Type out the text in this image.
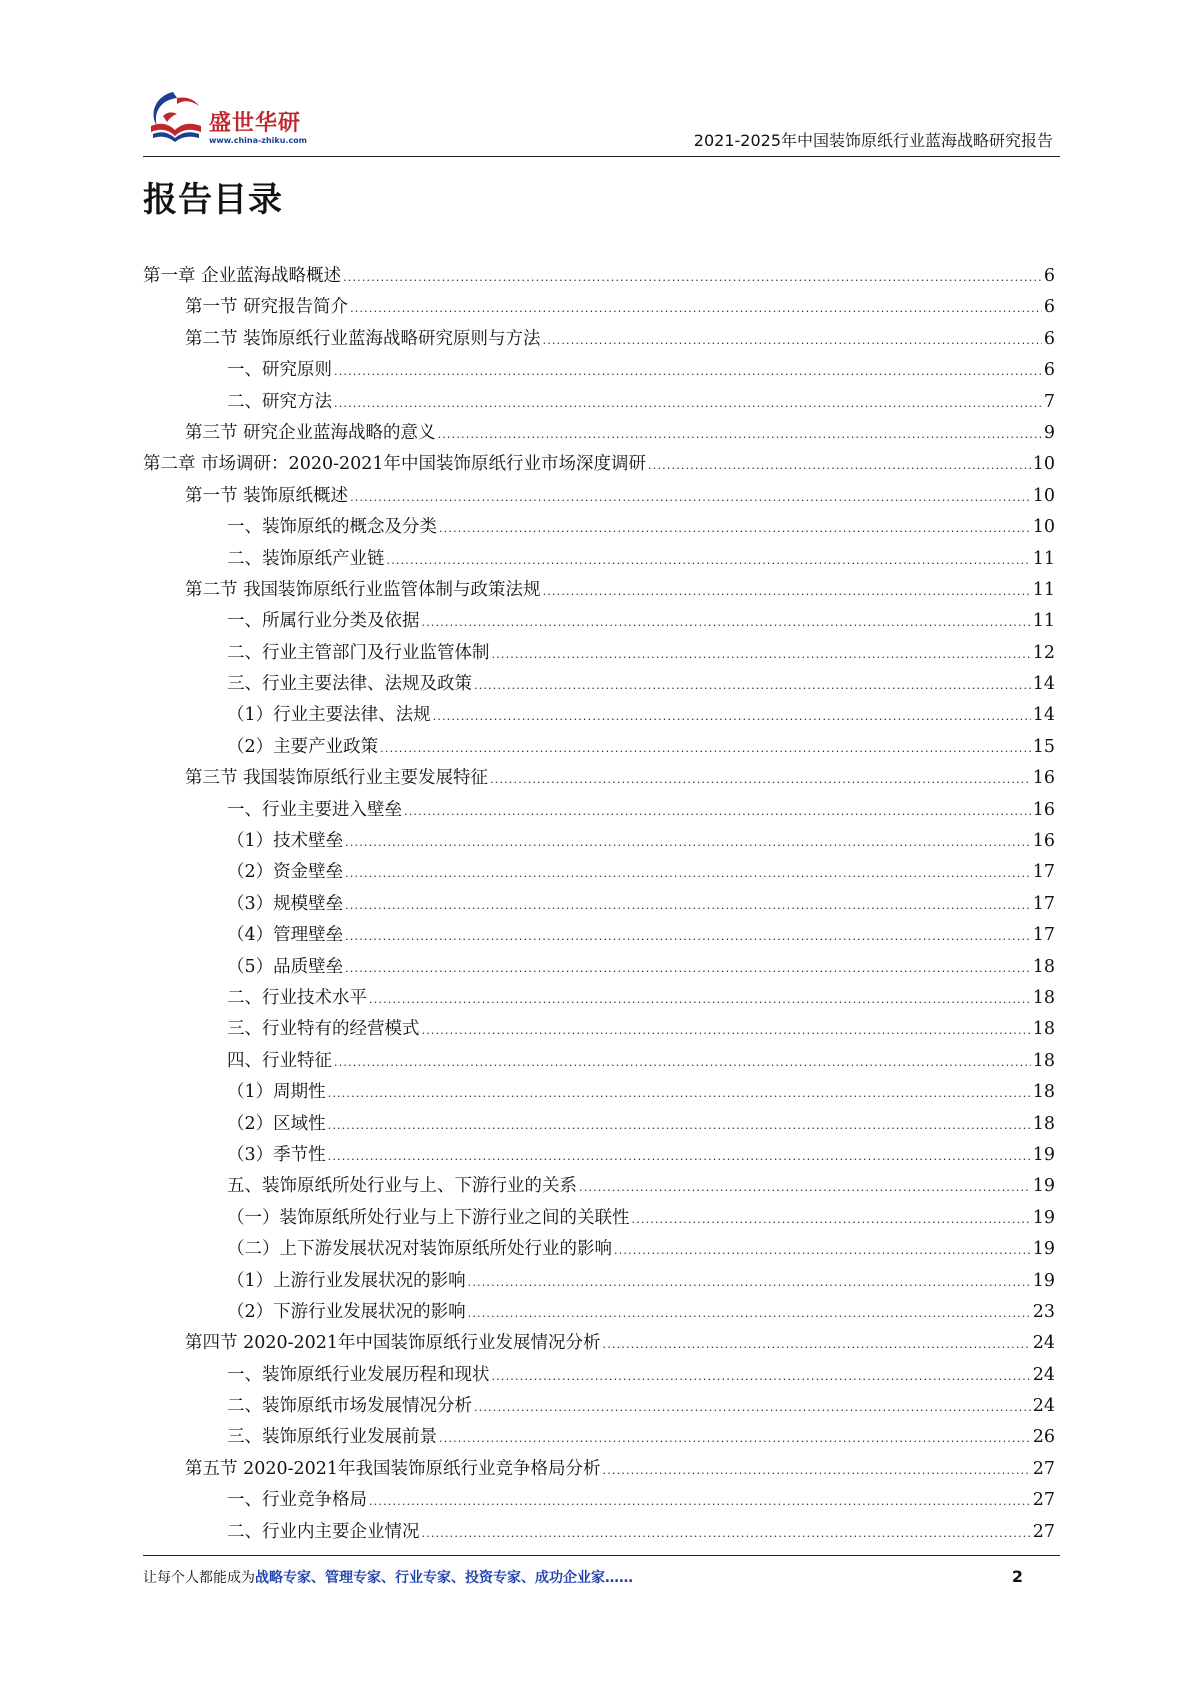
盛世华研
www.china-zhiku.com	2021-2025年中国装饰原纸行业蓝海战略研究报告
报告目录
第一章 企业蓝海战略概述 .....	6
第一节 研究报告简介 .....	6
第二节 装饰原纸行业蓝海战略研究原则与方法 .....	6
一、研究原则 .....	6
二、研究方法 .....	7
第三节 研究企业蓝海战略的意义 .....	9
第二章 市场调研：2020-2021年中国装饰原纸行业市场深度调研 .....	10
第一节 装饰原纸概述 .....	10
一、装饰原纸的概念及分类 .....	10
二、装饰原纸产业链 .....	11
第二节 我国装饰原纸行业监管体制与政策法规 .....	11
一、所属行业分类及依据 .....	11
二、行业主管部门及行业监管体制 .....	12
三、行业主要法律、法规及政策 .....	14
（1）行业主要法律、法规 .....	14
（2）主要产业政策 .....	15
第三节 我国装饰原纸行业主要发展特征 .....	16
一、行业主要进入壁垒 .....	16
（1）技术壁垒 .....	16
（2）资金壁垒 .....	17
（3）规模壁垒 .....	17
（4）管理壁垒 .....	17
（5）品质壁垒 .....	18
二、行业技术水平 .....	18
三、行业特有的经营模式 .....	18
四、行业特征 .....	18
（1）周期性 .....	18
（2）区域性 .....	18
（3）季节性 .....	19
五、装饰原纸所处行业与上、下游行业的关系 .....	19
（一）装饰原纸所处行业与上下游行业之间的关联性 .....	19
（二）上下游发展状况对装饰原纸所处行业的影响 .....	19
（1）上游行业发展状况的影响 .....	19
（2）下游行业发展状况的影响 .....	23
第四节 2020-2021年中国装饰原纸行业发展情况分析 .....	24
一、装饰原纸行业发展历程和现状 .....	24
二、装饰原纸市场发展情况分析 .....	24
三、装饰原纸行业发展前景 .....	26
第五节 2020-2021年我国装饰原纸行业竞争格局分析 .....	27
一、行业竞争格局 .....	27
二、行业内主要企业情况 .....	27
让每个人都能成为战略专家、管理专家、行业专家、投资专家、成功企业家……	2
